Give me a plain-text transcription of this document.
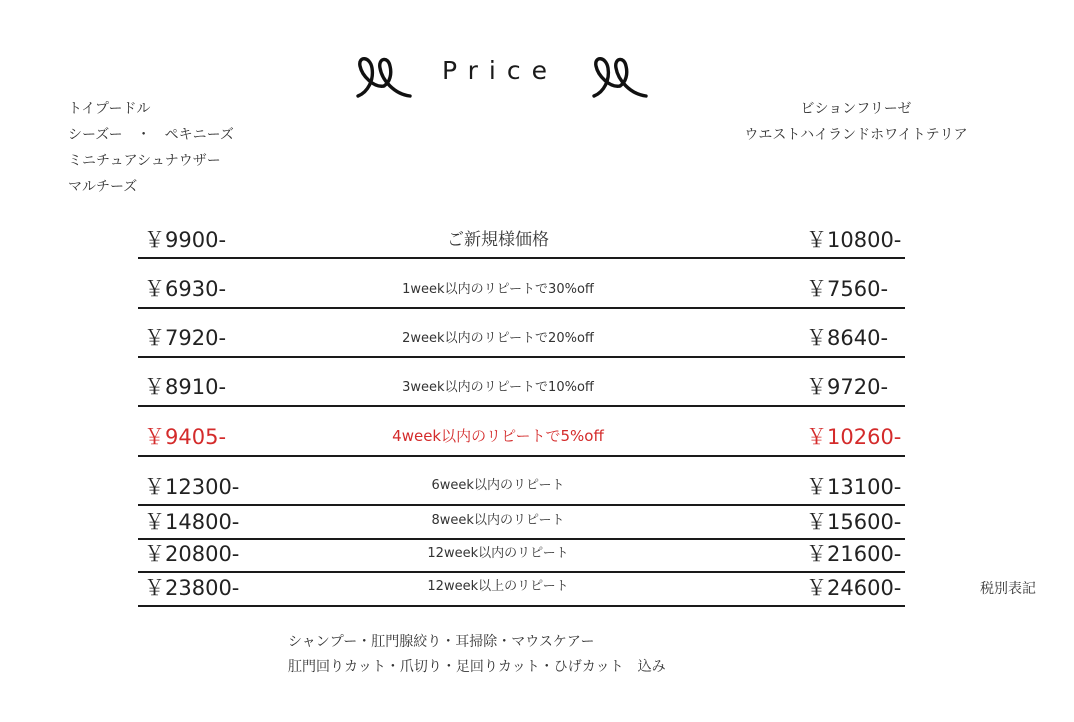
Price
トイプードル
シーズー　・　ペキニーズ
ミニチュアシュナウザー
マルチーズ
ビションフリーゼ
ウエストハイランドホワイトテリア
￥9900-	ご新規様価格	￥10800-
￥6930-	1week以内のリピートで30%off	￥7560-
￥7920-	2week以内のリピートで20%off	￥8640-
￥8910-	3week以内のリピートで10%off	￥9720-
￥9405-	4week以内のリピートで5%off	￥10260-
￥12300-	6week以内のリピート	￥13100-
￥14800-	8week以内のリピート	￥15600-
￥20800-	12week以内のリピート	￥21600-
￥23800-	12week以上のリピート	￥24600-	税別表記
シャンプー・肛門腺絞り・耳掃除・マウスケアー
肛門回りカット・爪切り・足回りカット・ひげカット　込み
